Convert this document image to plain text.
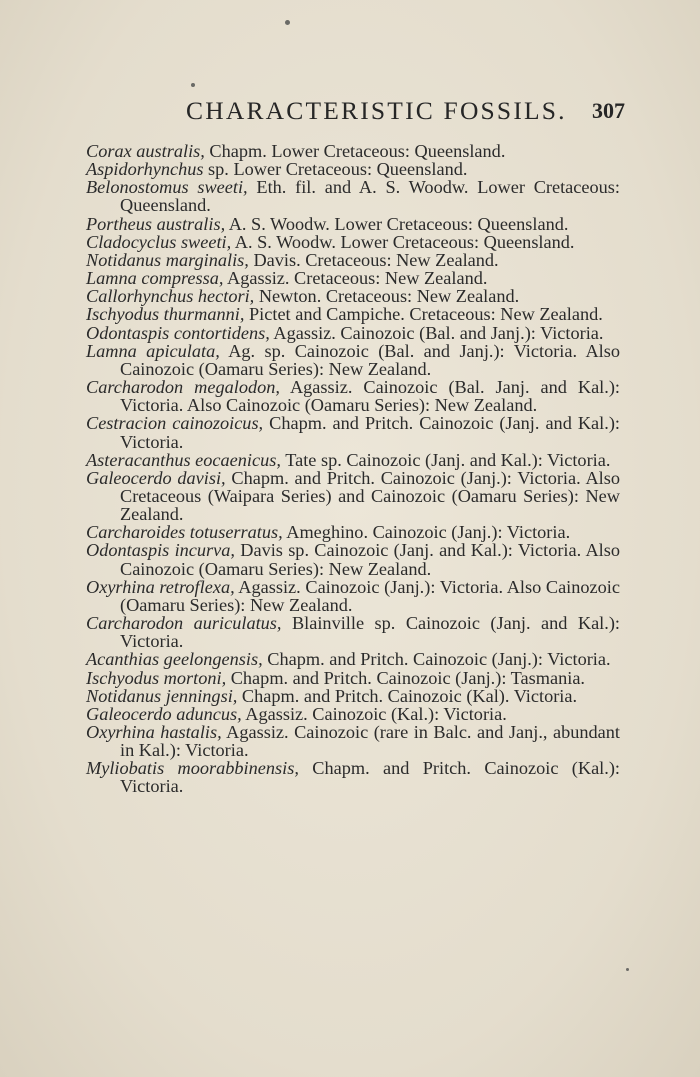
CHARACTERISTIC FOSSILS. 307
Corax australis, Chapm. Lower Cretaceous: Queensland.
Aspidorhynchus sp. Lower Cretaceous: Queensland.
Belonostomus sweeti, Eth. fil. and A. S. Woodw. Lower Cretaceous: Queensland.
Portheus australis, A. S. Woodw. Lower Cretaceous: Queensland.
Cladocyclus sweeti, A. S. Woodw. Lower Cretaceous: Queensland.
Notidanus marginalis, Davis. Cretaceous: New Zealand.
Lamna compressa, Agassiz. Cretaceous: New Zealand.
Callorhynchus hectori, Newton. Cretaceous: New Zealand.
Ischyodus thurmanni, Pictet and Campiche. Cretaceous: New Zealand.
Odontaspis contortidens, Agassiz. Cainozoic (Bal. and Janj.): Victoria.
Lamna apiculata, Ag. sp. Cainozoic (Bal. and Janj.): Victoria. Also Cainozoic (Oamaru Series): New Zealand.
Carcharodon megalodon, Agassiz. Cainozoic (Bal. Janj. and Kal.): Victoria. Also Cainozoic (Oamaru Series): New Zealand.
Cestracion cainozoicus, Chapm. and Pritch. Cainozoic (Janj. and Kal.): Victoria.
Asteracanthus eocaenicus, Tate sp. Cainozoic (Janj. and Kal.): Victoria.
Galeocerdo davisi, Chapm. and Pritch. Cainozoic (Janj.): Victoria. Also Cretaceous (Waipara Series) and Cainozoic (Oamaru Series): New Zealand.
Carcharoides totuserratus, Ameghino. Cainozoic (Janj.): Victoria.
Odontaspis incurva, Davis sp. Cainozoic (Janj. and Kal.): Victoria. Also Cainozoic (Oamaru Series): New Zealand.
Oxyrhina retroflexa, Agassiz. Cainozoic (Janj.): Victoria. Also Cainozoic (Oamaru Series): New Zealand.
Carcharodon auriculatus, Blainville sp. Cainozoic (Janj. and Kal.): Victoria.
Acanthias geelongensis, Chapm. and Pritch. Cainozoic (Janj.): Victoria.
Ischyodus mortoni, Chapm. and Pritch. Cainozoic (Janj.): Tasmania.
Notidanus jenningsi, Chapm. and Pritch. Cainozoic (Kal). Victoria.
Galeocerdo aduncus, Agassiz. Cainozoic (Kal.): Victoria.
Oxyrhina hastalis, Agassiz. Cainozoic (rare in Balc. and Janj., abundant in Kal.): Victoria.
Myliobatis moorabbinensis, Chapm. and Pritch. Cainozoic (Kal.): Victoria.
